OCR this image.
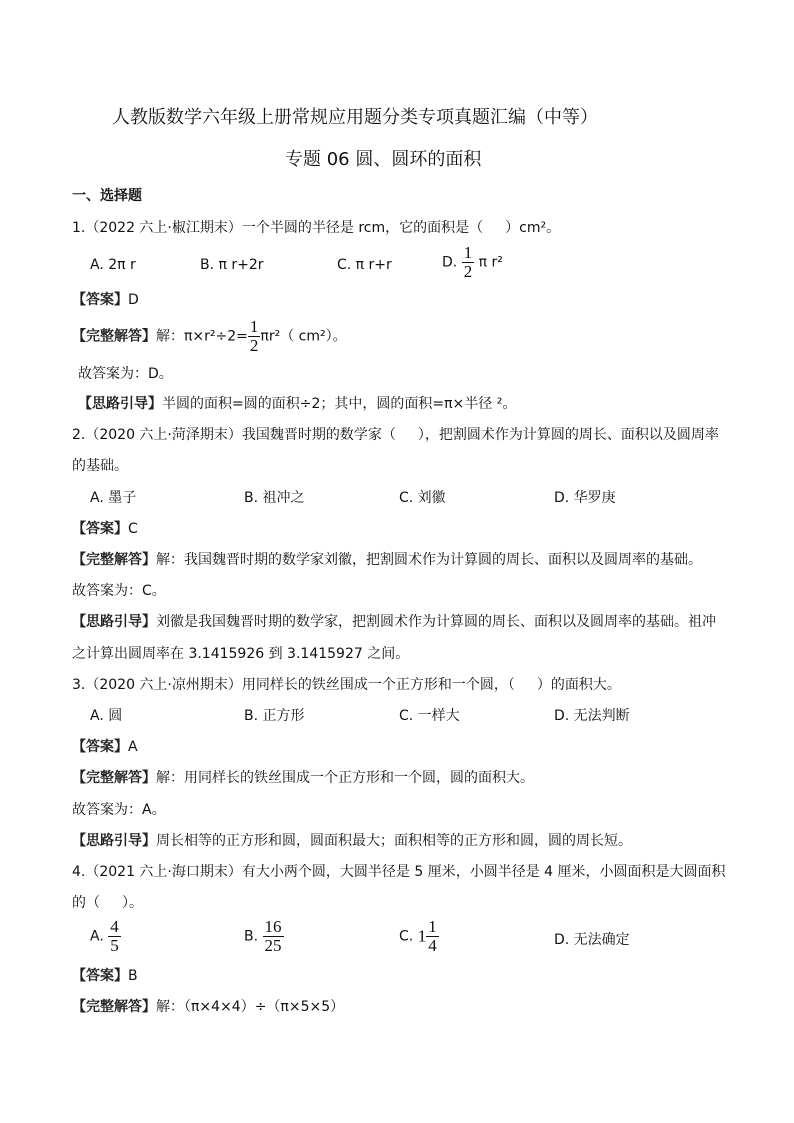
人教版数学六年级上册常规应用题分类专项真题汇编（中等）
专题 06 圆、圆环的面积
一、选择题
1.（2022 六上·椒江期末）一个半圆的半径是 rcm，它的面积是（ ）cm²。
A. 2π r	B. π r+2r	C. π r+r	D. $\frac{1}{2}$ π r²
【答案】D
【完整解答】解：$\pi\times r^2\div 2= \frac{1}{2} \pi r^2$（ cm²）。
故答案为：D。
【思路引导】半圆的面积=圆的面积÷2；其中，圆的面积=π×半径 ²。
2.（2020 六上·菏泽期末）我国魏晋时期的数学家（ ），把割圆术作为计算圆的周长、面积以及圆周率
的基础。
A. 墨子	B. 祖冲之	C. 刘徽	D. 华罗庚
【答案】C
【完整解答】解：我国魏晋时期的数学家刘徽，把割圆术作为计算圆的周长、面积以及圆周率的基础。
故答案为：C。
【思路引导】刘徽是我国魏晋时期的数学家，把割圆术作为计算圆的周长、面积以及圆周率的基础。祖冲
之计算出圆周率在 3.1415926 到 3.1415927 之间。
3.（2020 六上·凉州期末）用同样长的铁丝围成一个正方形和一个圆，（ ）的面积大。
A. 圆	B. 正方形	C. 一样大	D. 无法判断
【答案】A
【完整解答】解：用同样长的铁丝围成一个正方形和一个圆，圆的面积大。
故答案为：A。
【思路引导】周长相等的正方形和圆，圆面积最大；面积相等的正方形和圆，圆的周长短。
4.（2021 六上·海口期末）有大小两个圆，大圆半径是 5 厘米，小圆半径是 4 厘米，小圆面积是大圆面积
的（ ）。
A. $\frac{4}{5}$	B. $\frac{16}{25}$	C. $1 \frac{1}{4}$	D. 无法确定
【答案】B
【完整解答】解：（π×4×4）÷（π×5×5）
